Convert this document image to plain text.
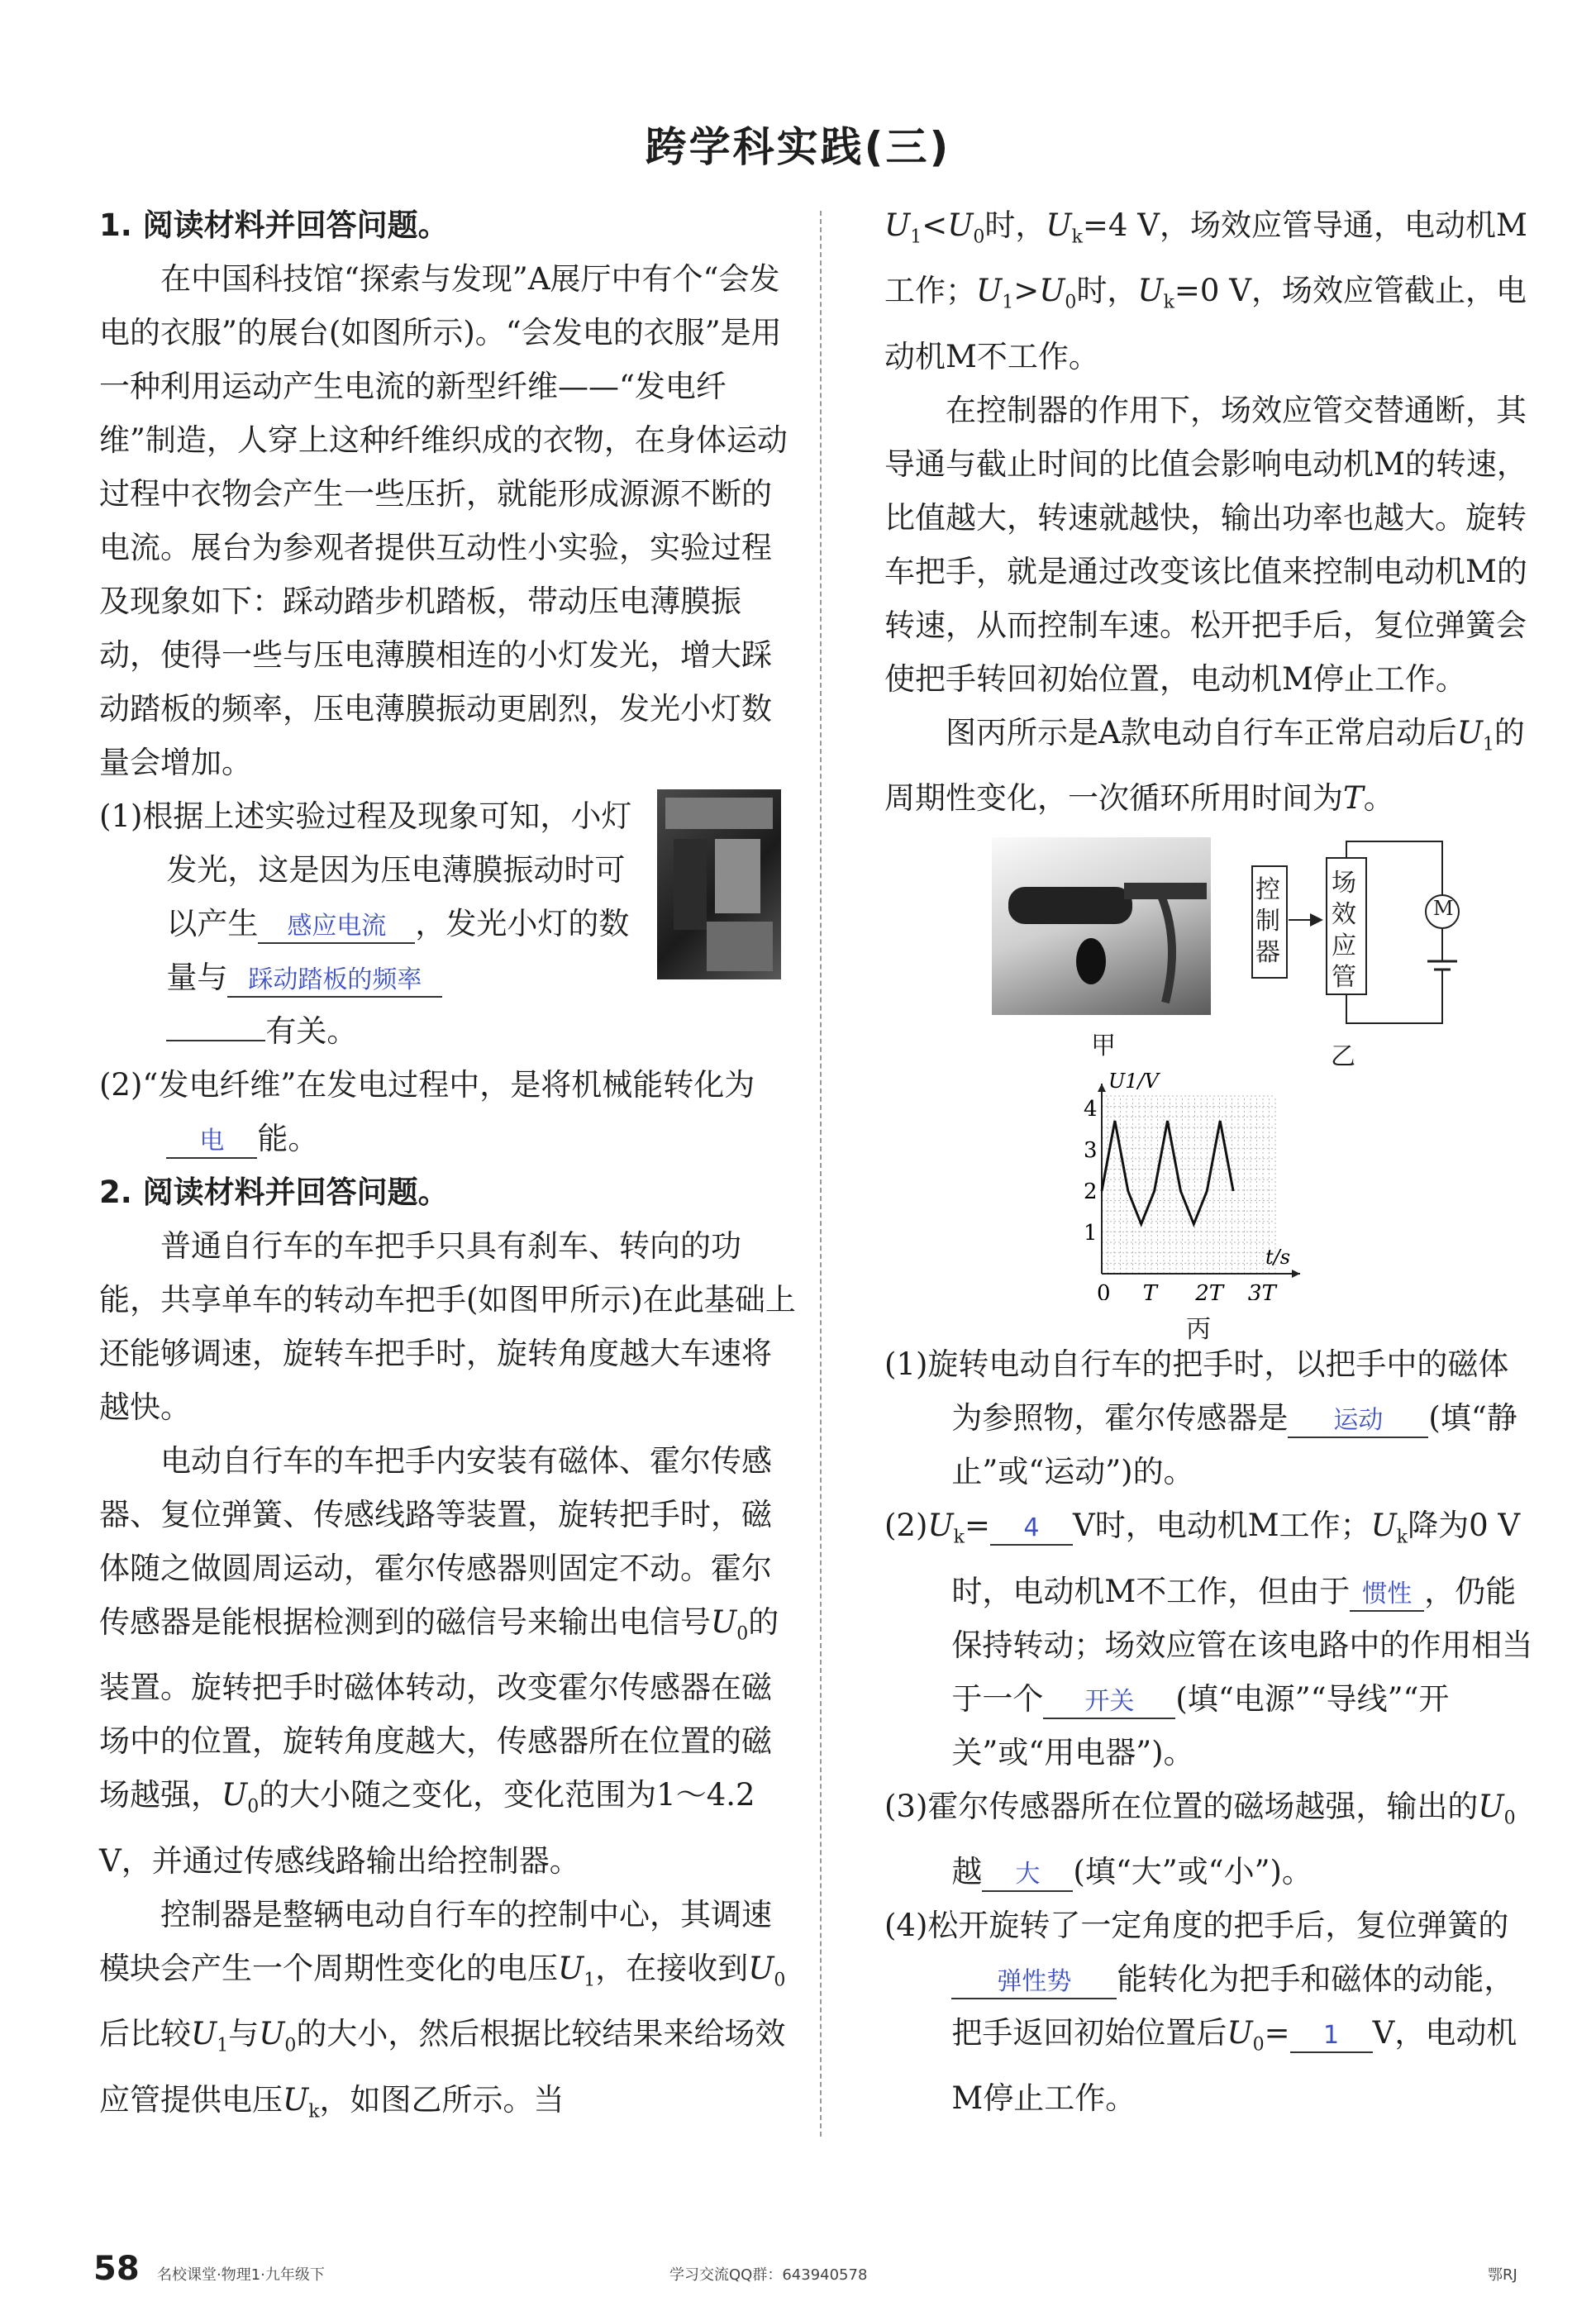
跨学科实践(三)

1. 阅读材料并回答问题。

在中国科技馆“探索与发现”A展厅中有个“会发电的衣服”的展台(如图所示)。“会发电的衣服”是用一种利用运动产生电流的新型纤维——“发电纤维”制造，人穿上这种纤维织成的衣物，在身体运动过程中衣物会产生一些压折，就能形成源源不断的电流。展台为参观者提供互动性小实验，实验过程及现象如下：踩动踏步机踏板，带动压电薄膜振动，使得一些与压电薄膜相连的小灯发光，增大踩动踏板的频率，压电薄膜振动更剧烈，发光小灯数量会增加。

(1)根据上述实验过程及现象可知，小灯发光，这是因为压电薄膜振动时可以产生 感应电流 ，发光小灯的数量与 踩动踏板的频率
有关。

(2)“发电纤维”在发电过程中，是将机械能转化为电 能。

2. 阅读材料并回答问题。

普通自行车的车把手只具有刹车、转向的功能，共享单车的转动车把手(如图甲所示)在此基础上还能够调速，旋转车把手时，旋转角度越大车速将越快。

电动自行车的车把手内安装有磁体、霍尔传感器、复位弹簧、传感线路等装置，旋转把手时，磁体随之做圆周运动，霍尔传感器则固定不动。霍尔传感器是能根据检测到的磁信号来输出电信号$U_0$的装置。旋转把手时磁体转动，改变霍尔传感器在磁场中的位置，旋转角度越大，传感器所在位置的磁场越强，$U_0$的大小随之变化，变化范围为1～4.2 V，并通过传感线路输出给控制器。

控制器是整辆电动自行车的控制中心，其调速模块会产生一个周期性变化的电压$U_1$，在接收到$U_0$后比较$U_1$与$U_0$的大小，然后根据比较结果来给场效应管提供电压$U_k$，如图乙所示。当

$U_1<U_0$时，$U_k=4$ V，场效应管导通，电动机M工作；$U_1>U_0$时，$U_k=0$ V，场效应管截止，电动机M不工作。

在控制器的作用下，场效应管交替通断，其导通与截止时间的比值会影响电动机M的转速，比值越大，转速就越快，输出功率也越大。旋转车把手，就是通过改变该比值来控制电动机M的转速，从而控制车速。松开把手后，复位弹簧会使把手转回初始位置，电动机M停止工作。

图丙所示是A款电动自行车正常启动后$U_1$的周期性变化，一次循环所用时间为T。

甲
控制器
场效应管
M
乙
t/s
U1/V
1
2
3
4
0 T 2T 3T
丙

(1)旋转电动自行车的把手时，以把手中的磁体为参照物，霍尔传感器是 运动 (填“静止”或“运动”)的。

$(2)U_k= 4$ V时，电动机M工作；$U_k$降为0 V时，电动机M不工作，但由于 惯性 ，仍能保持转动；场效应管在该电路中的作用相当于一个 开关 (填“电源”“导线”“开关”或“用电器”)。

(3)霍尔传感器所在位置的磁场越强，输出的$U_0$越 大 (填“大”或“小”)。

(4)松开旋转了一定角度的把手后，复位弹簧的弹性势 能转化为把手和磁体的动能，把手返回初始位置后$U_0= 1$ V，电动机M停止工作。

58 名校课堂·物理1·九年级下	学习交流QQ群：643940578	鄂RJ
